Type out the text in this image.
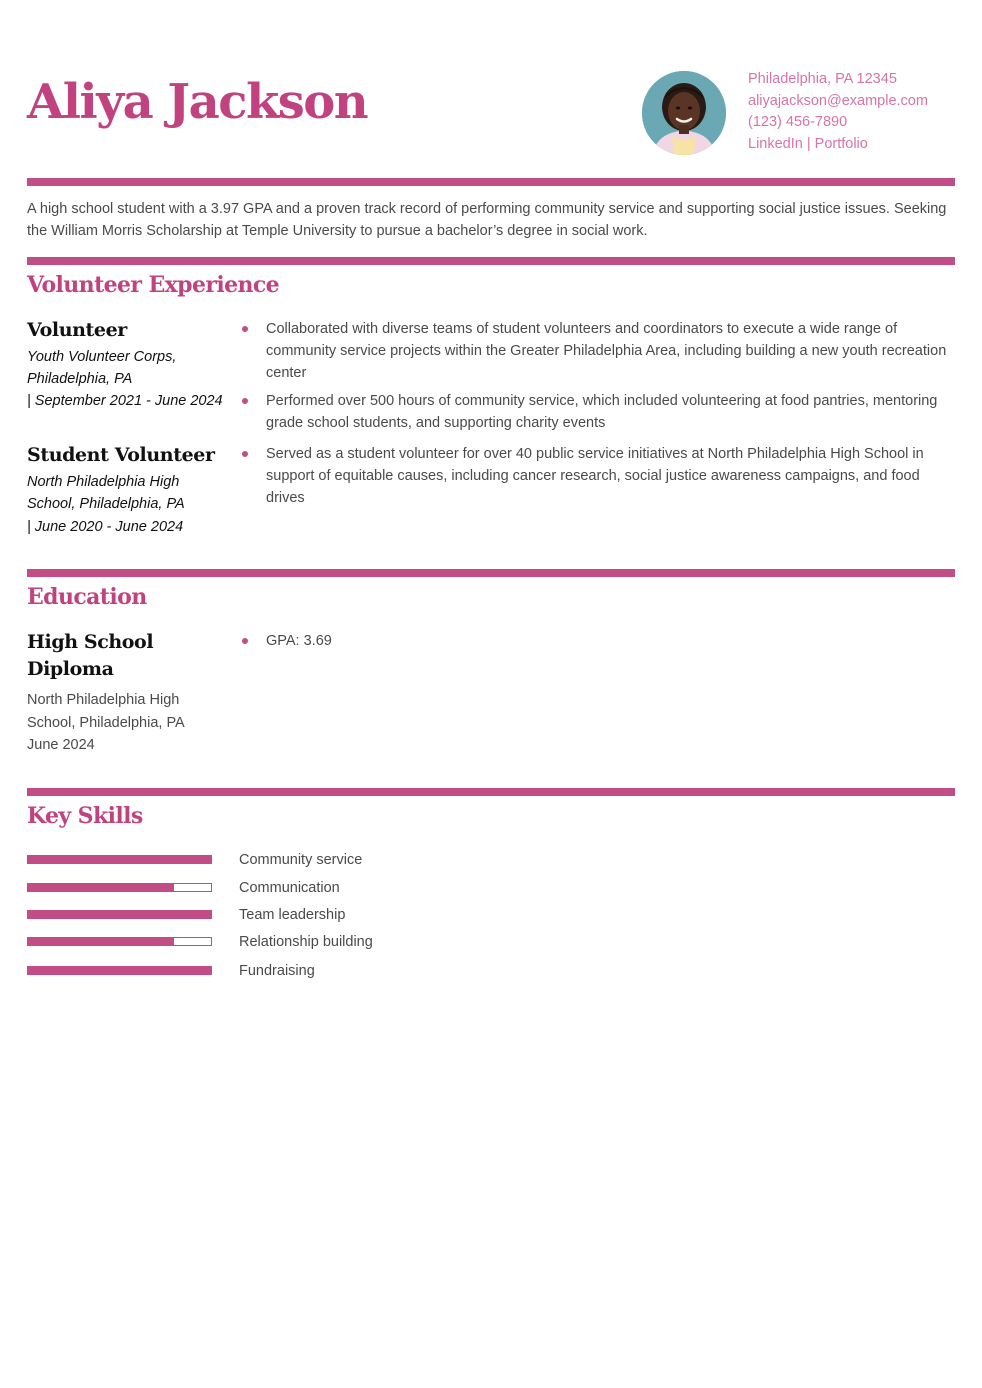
Aliya Jackson	Philadelphia, PA 12345
aliyajackson@example.com
(123) 456-7890
LinkedIn | Portfolio
A high school student with a 3.97 GPA and a proven track record of performing community service and supporting social justice issues. Seeking the William Morris Scholarship at Temple University to pursue a bachelor’s degree in social work.
Volunteer Experience
Volunteer
Youth Volunteer Corps, Philadelphia, PA
| September 2021 - June 2024
Collaborated with diverse teams of student volunteers and coordinators to execute a wide range of community service projects within the Greater Philadelphia Area, including building a new youth recreation center
Performed over 500 hours of community service, which included volunteering at food pantries, mentoring grade school students, and supporting charity events
Student Volunteer
North Philadelphia High School, Philadelphia, PA
| June 2020 - June 2024
Served as a student volunteer for over 40 public service initiatives at North Philadelphia High School in support of equitable causes, including cancer research, social justice awareness campaigns, and food drives
Education
High School Diploma
North Philadelphia High School, Philadelphia, PA
June 2024
GPA: 3.69
Key Skills
Community service
Communication
Team leadership
Relationship building
Fundraising
